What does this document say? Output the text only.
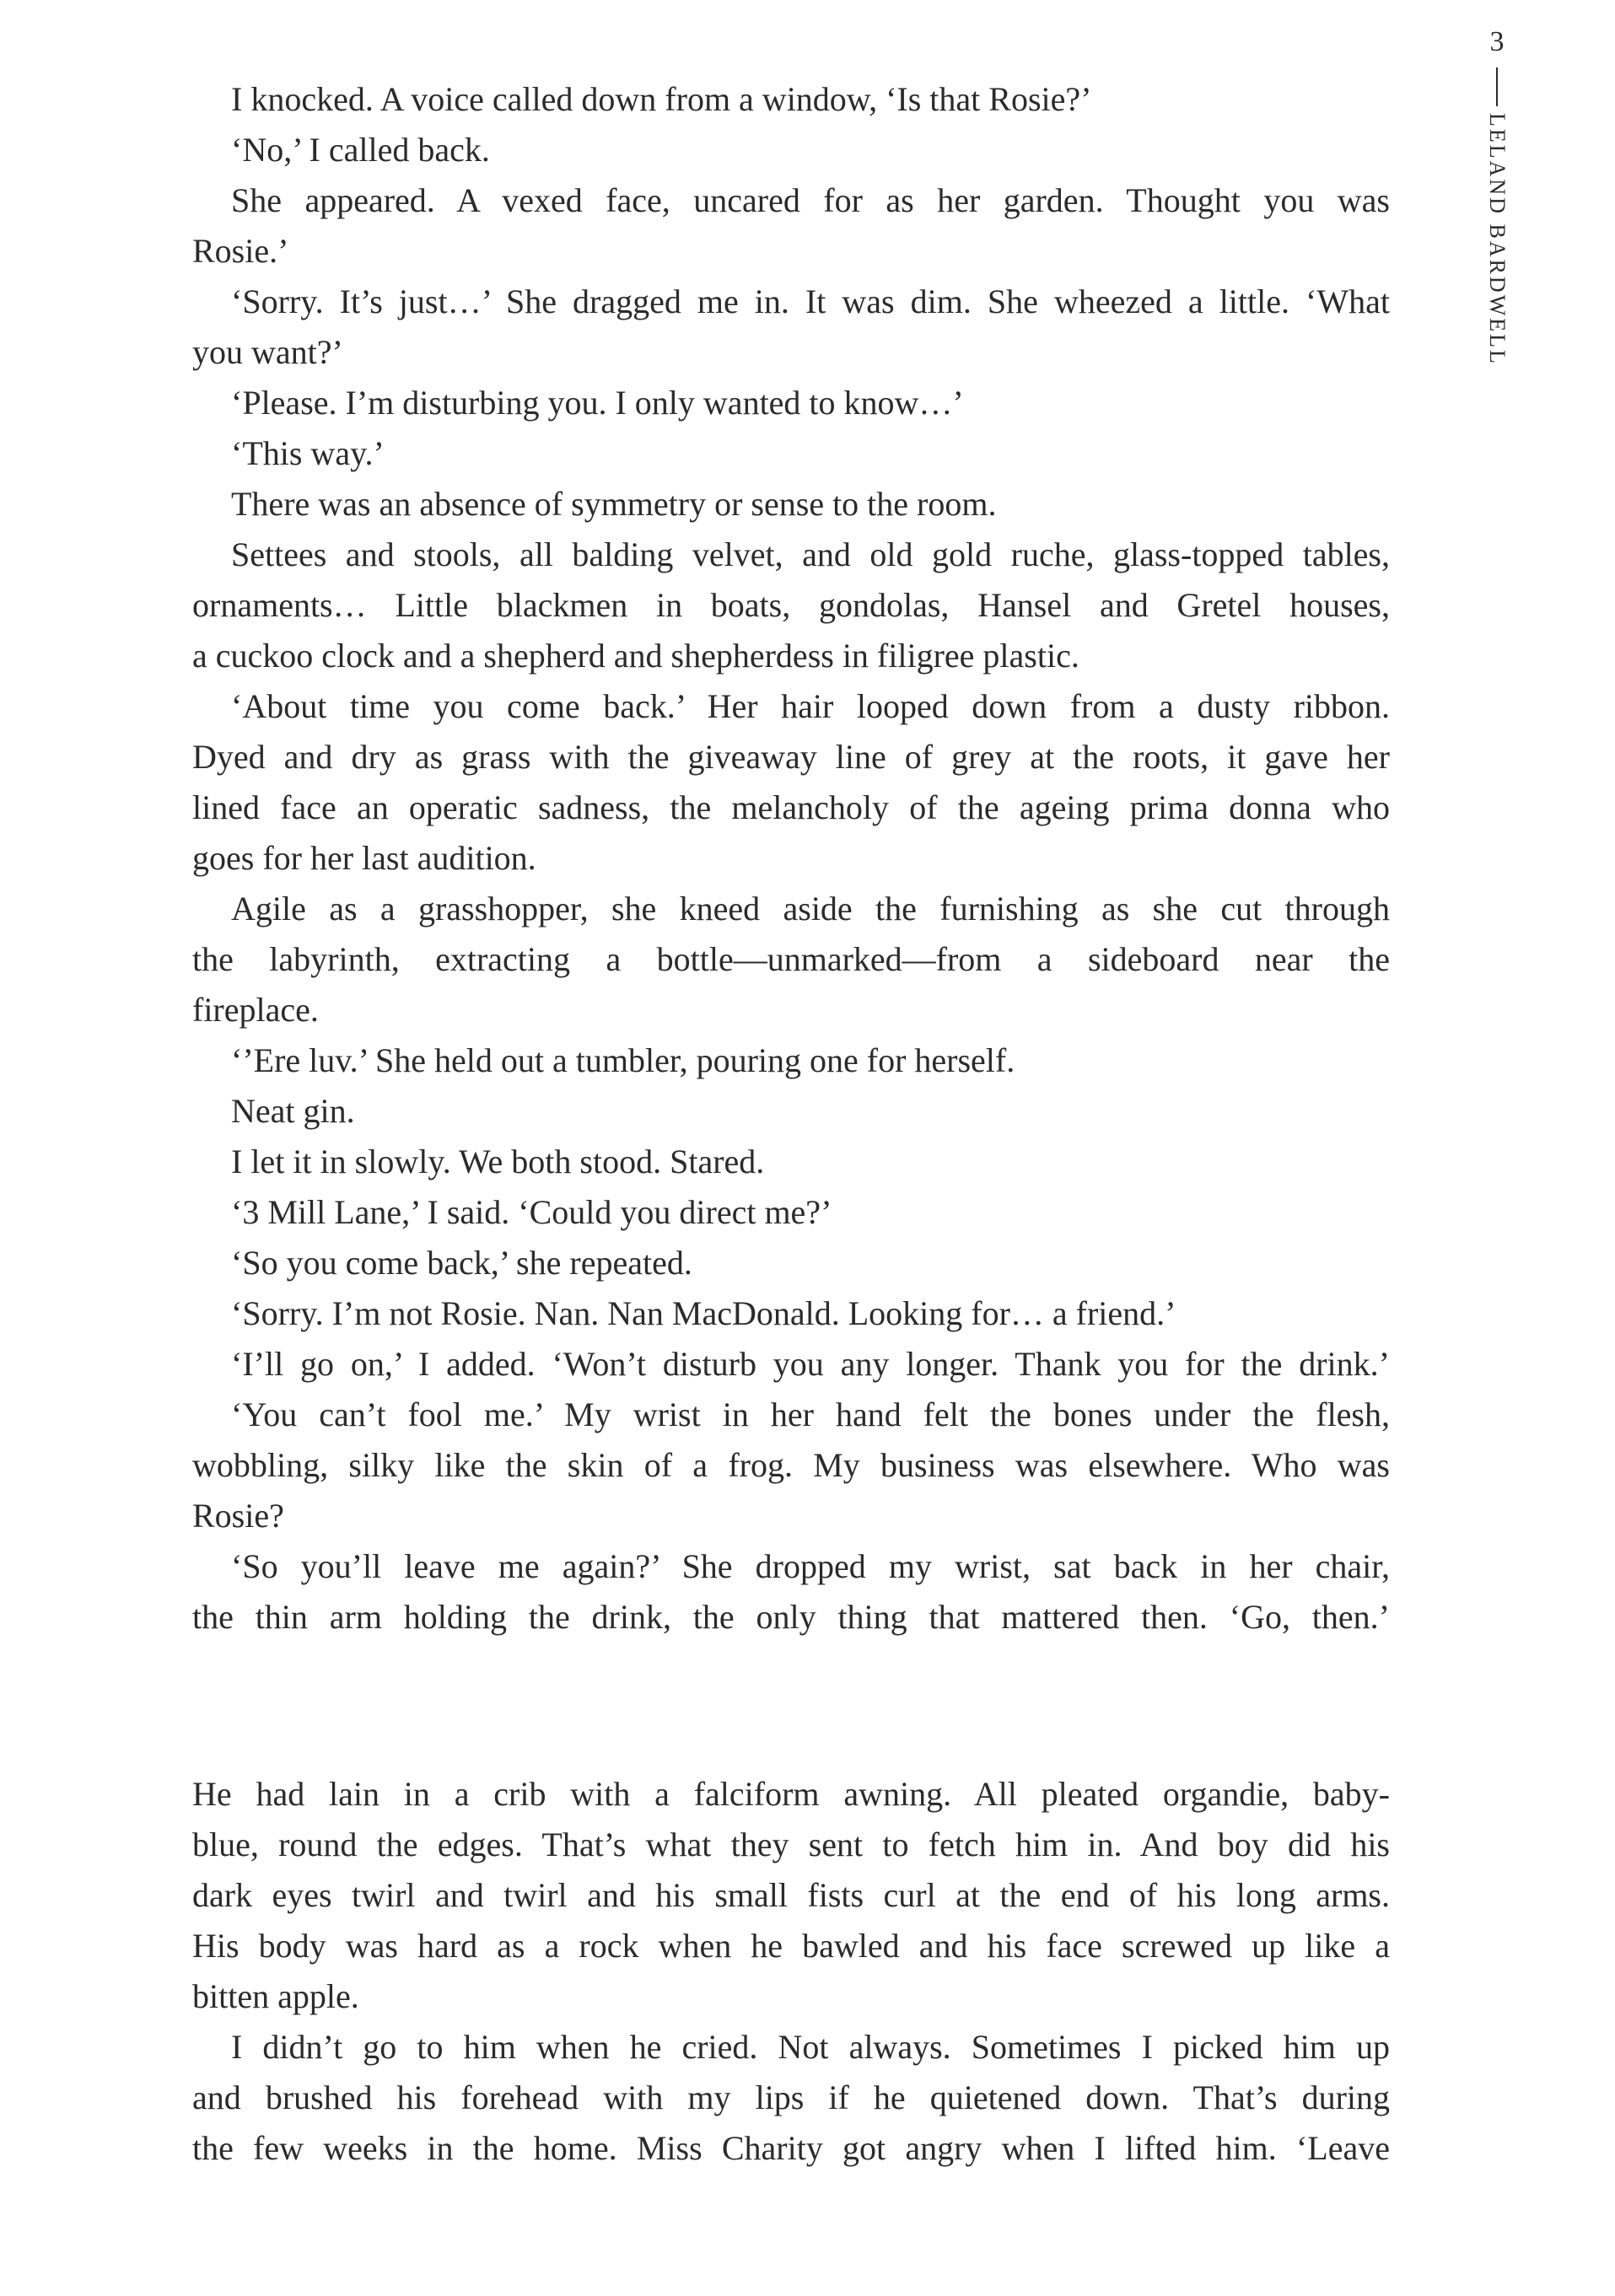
3
LELAND BARDWELL
I knocked. A voice called down from a window, ‘Is that Rosie?’
‘No,’ I called back.
She appeared. A vexed face, uncared for as her garden. Thought you was
Rosie.’
‘Sorry. It’s just…’ She dragged me in. It was dim. She wheezed a little. ‘What
you want?’
‘Please. I’m disturbing you. I only wanted to know…’
‘This way.’
There was an absence of symmetry or sense to the room.
Settees and stools, all balding velvet, and old gold ruche, glass-topped tables,
ornaments… Little blackmen in boats, gondolas, Hansel and Gretel houses,
a cuckoo clock and a shepherd and shepherdess in filigree plastic.
‘About time you come back.’ Her hair looped down from a dusty ribbon.
Dyed and dry as grass with the giveaway line of grey at the roots, it gave her
lined face an operatic sadness, the melancholy of the ageing prima donna who
goes for her last audition.
Agile as a grasshopper, she kneed aside the furnishing as she cut through
the labyrinth, extracting a bottle—unmarked—from a sideboard near the
fireplace.
‘’Ere luv.’ She held out a tumbler, pouring one for herself.
Neat gin.
I let it in slowly. We both stood. Stared.
‘3 Mill Lane,’ I said. ‘Could you direct me?’
‘So you come back,’ she repeated.
‘Sorry. I’m not Rosie. Nan. Nan MacDonald. Looking for… a friend.’
‘I’ll go on,’ I added. ‘Won’t disturb you any longer. Thank you for the drink.’
‘You can’t fool me.’ My wrist in her hand felt the bones under the flesh,
wobbling, silky like the skin of a frog. My business was elsewhere. Who was
Rosie?
‘So you’ll leave me again?’ She dropped my wrist, sat back in her chair,
the thin arm holding the drink, the only thing that mattered then. ‘Go, then.’
He had lain in a crib with a falciform awning. All pleated organdie, baby-
blue, round the edges. That’s what they sent to fetch him in. And boy did his
dark eyes twirl and twirl and his small fists curl at the end of his long arms.
His body was hard as a rock when he bawled and his face screwed up like a
bitten apple.
I didn’t go to him when he cried. Not always. Sometimes I picked him up
and brushed his forehead with my lips if he quietened down. That’s during
the few weeks in the home. Miss Charity got angry when I lifted him. ‘Leave
